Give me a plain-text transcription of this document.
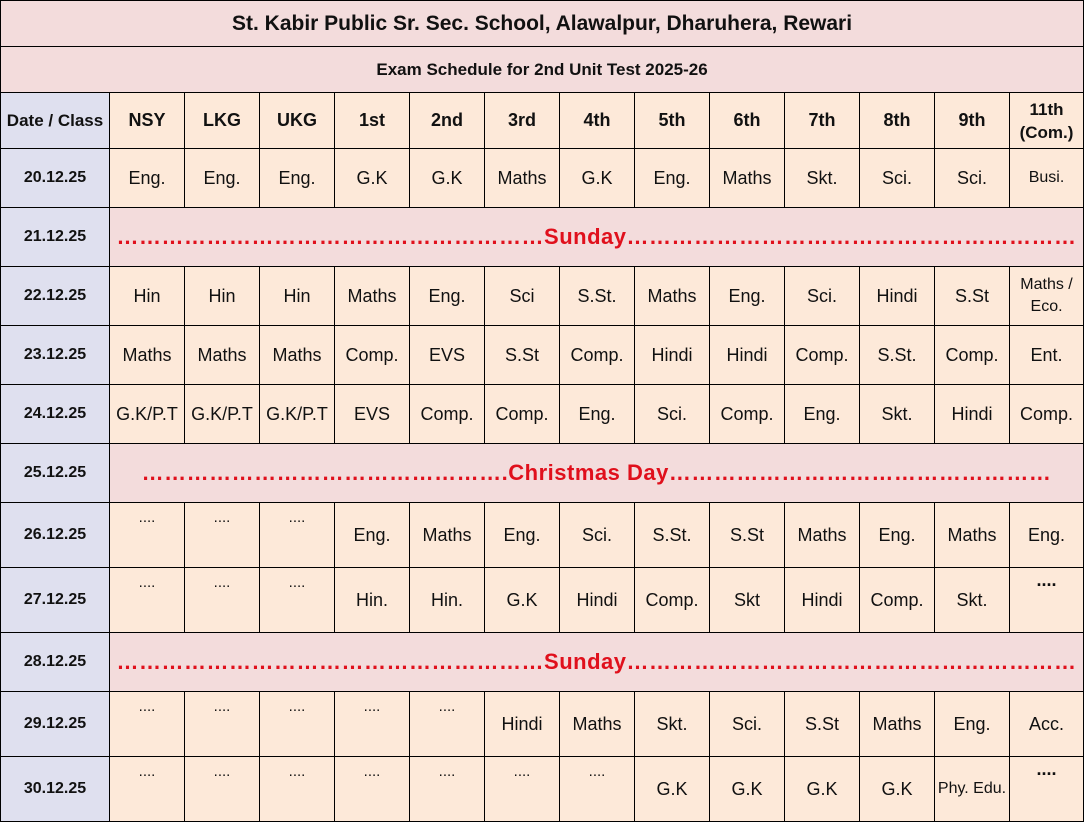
St. Kabir Public Sr. Sec. School, Alawalpur, Dharuhera, Rewari													
Exam Schedule for 2nd Unit Test 2025-26													
Date / Class	NSY	LKG	UKG	1st	2nd	3rd	4th	5th	6th	7th	8th	9th	11th (Com.)
20.12.25	Eng.	Eng.	Eng.	G.K	G.K	Maths	G.K	Eng.	Maths	Skt.	Sci.	Sci.	Busi.
21.12.25	…………………………………………………Sunday……………………………………………………												
22.12.25	Hin	Hin	Hin	Maths	Eng.	Sci	S.St.	Maths	Eng.	Sci.	Hindi	S.St	Maths / Eco.
23.12.25	Maths	Maths	Maths	Comp.	EVS	S.St	Comp.	Hindi	Hindi	Comp.	S.St.	Comp.	Ent.
24.12.25	G.K/P.T	G.K/P.T	G.K/P.T	EVS	Comp.	Comp.	Eng.	Sci.	Comp.	Eng.	Skt.	Hindi	Comp.
25.12.25	………………………………………….Christmas Day……………………………………………												
26.12.25	....	....	....	Eng.	Maths	Eng.	Sci.	S.St.	S.St	Maths	Eng.	Maths	Eng.
27.12.25	....	....	....	Hin.	Hin.	G.K	Hindi	Comp.	Skt	Hindi	Comp.	Skt.	....
28.12.25	…………………………………………………Sunday……………………………………………………												
29.12.25	....	....	....	....	....	Hindi	Maths	Skt.	Sci.	S.St	Maths	Eng.	Acc.
30.12.25	....	....	....	....	....	....	....	G.K	G.K	G.K	G.K	Phy. Edu.	....
